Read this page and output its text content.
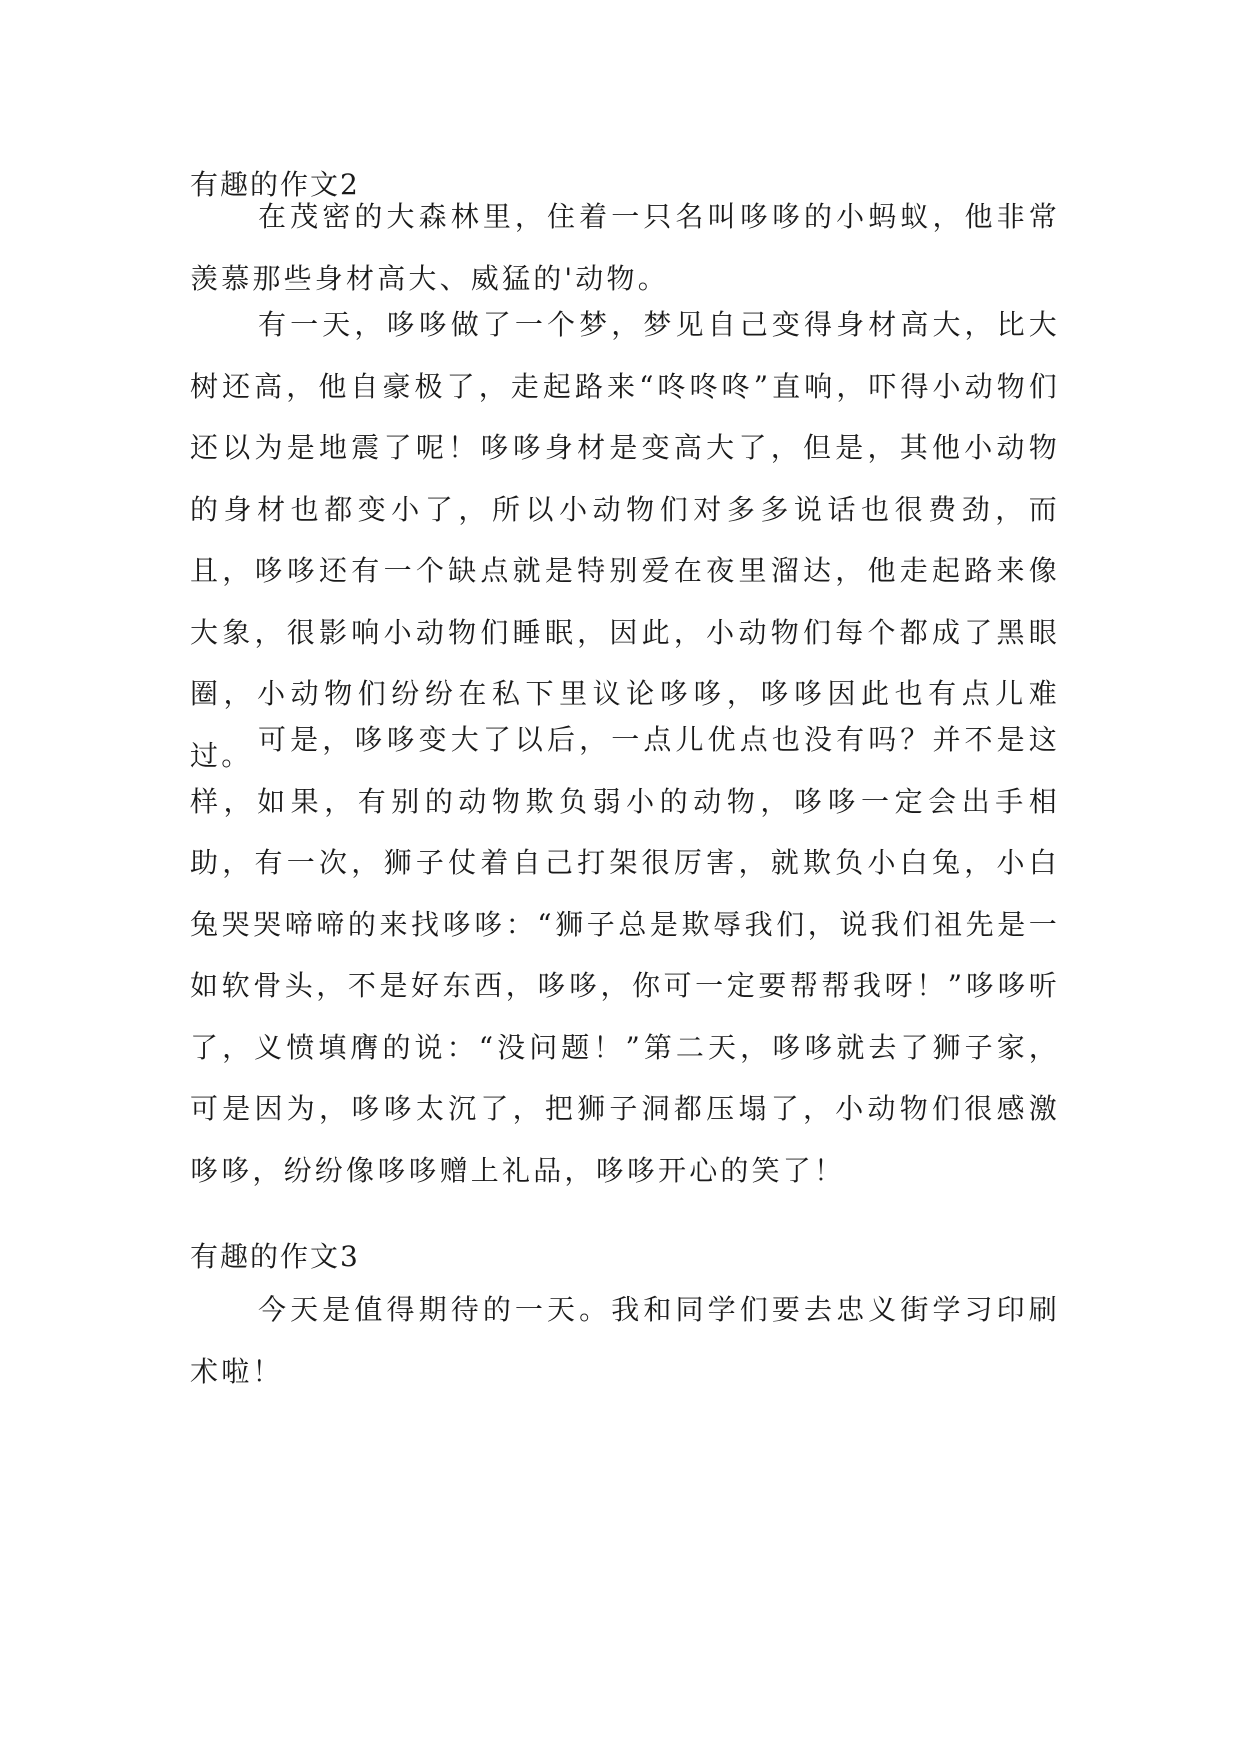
有趣的作文2

在茂密的大森林里，住着一只名叫哆哆的小蚂蚁，他非常羡慕那些身材高大、威猛的'动物。

有一天，哆哆做了一个梦，梦见自己变得身材高大，比大树还高，他自豪极了，走起路来“咚咚咚”直响，吓得小动物们还以为是地震了呢！哆哆身材是变高大了，但是，其他小动物的身材也都变小了，所以小动物们对多多说话也很费劲，而且，哆哆还有一个缺点就是特别爱在夜里溜达，他走起路来像大象，很影响小动物们睡眠，因此，小动物们每个都成了黑眼圈，小动物们纷纷在私下里议论哆哆，哆哆因此也有点儿难过。 可是，哆哆变大了以后，一点儿优点也没有吗？并不是这样，如果，有别的动物欺负弱小的动物，哆哆一定会出手相助，有一次，狮子仗着自己打架很厉害，就欺负小白兔，小白兔哭哭啼啼的来找哆哆：“狮子总是欺辱我们，说我们祖先是一如软骨头，不是好东西，哆哆，你可一定要帮帮我呀！”哆哆听了，义愤填膺的说：“没问题！”第二天，哆哆就去了狮子家，可是因为，哆哆太沉了，把狮子洞都压塌了，小动物们很感激哆哆，纷纷像哆哆赠上礼品，哆哆开心的笑了！

有趣的作文3

今天是值得期待的一天。我和同学们要去忠义街学习印刷术啦！
